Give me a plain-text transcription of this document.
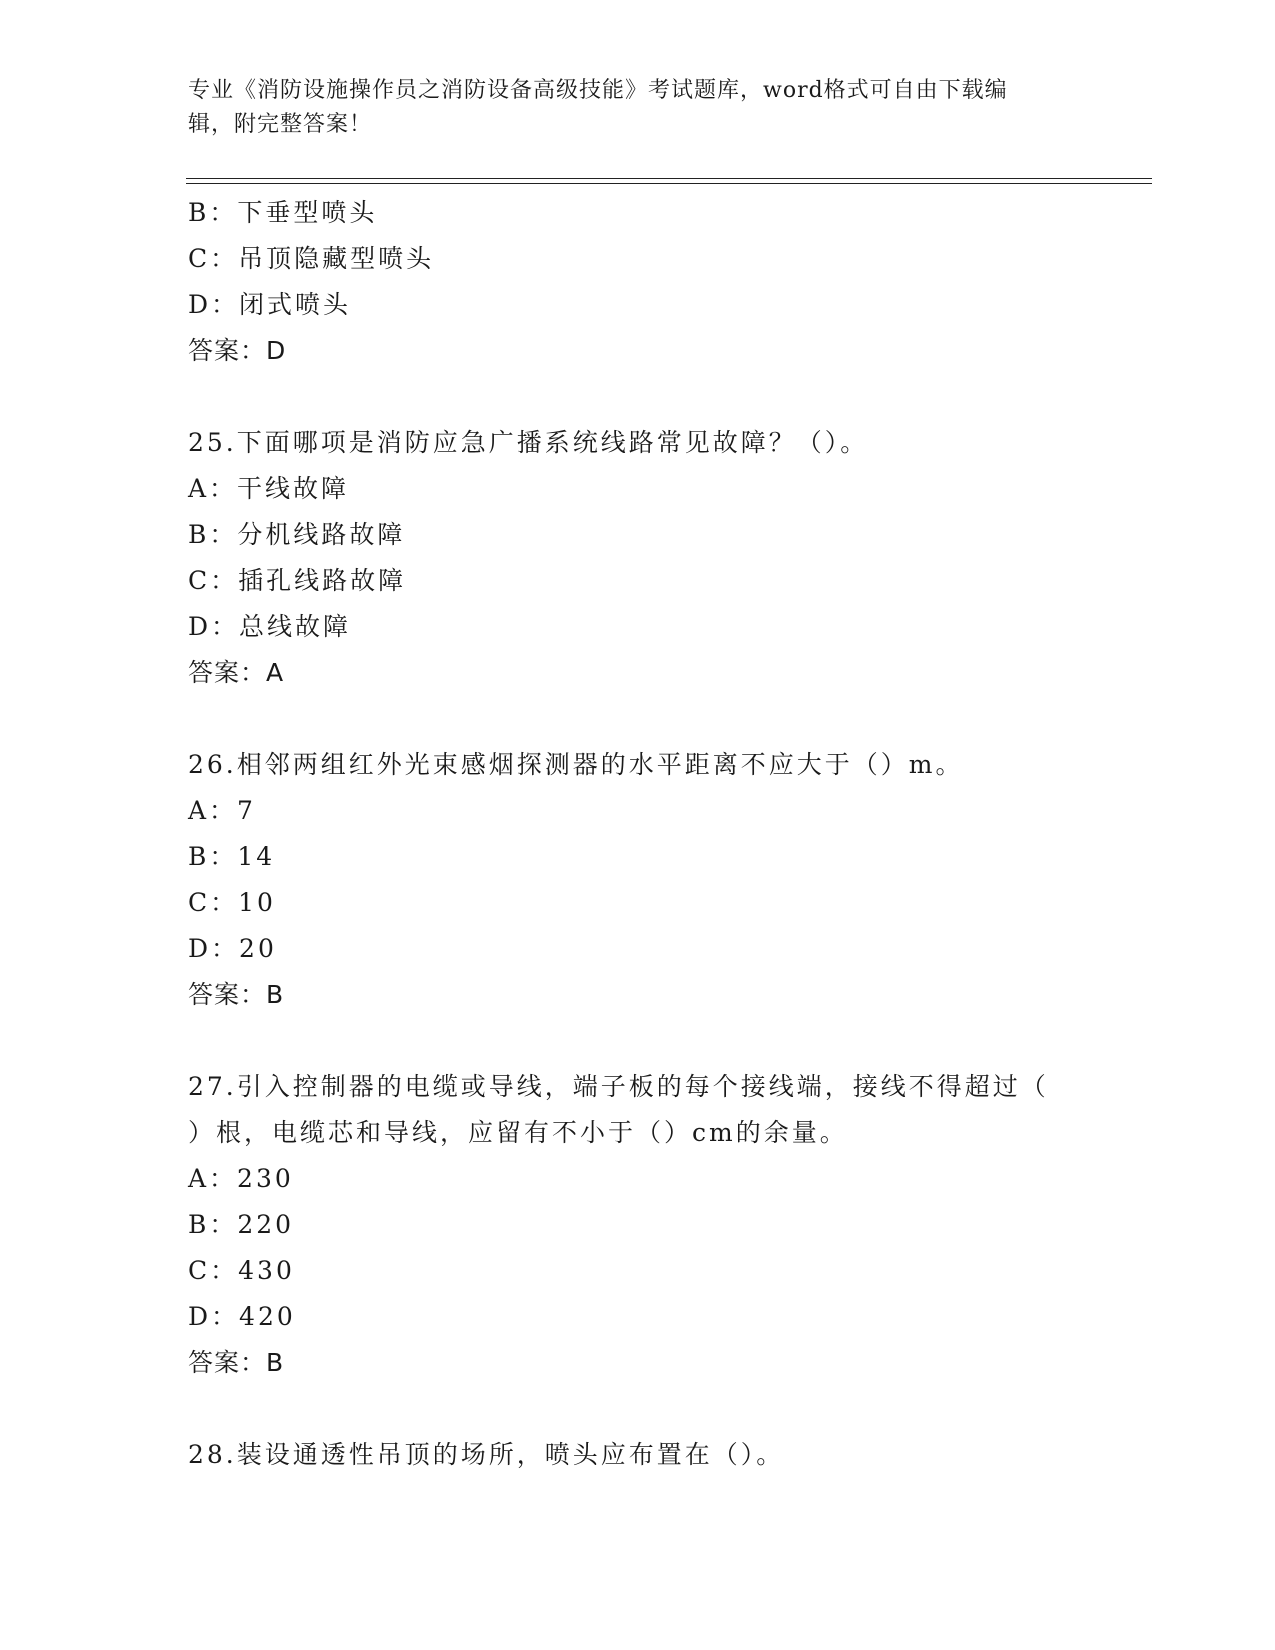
专业《消防设施操作员之消防设备高级技能》考试题库，word格式可自由下载编
辑，附完整答案！
B：下垂型喷头
C：吊顶隐藏型喷头
D：闭式喷头
答案：D
25.下面哪项是消防应急广播系统线路常见故障？（）。
A：干线故障
B：分机线路故障
C：插孔线路故障
D：总线故障
答案：A
26.相邻两组红外光束感烟探测器的水平距离不应大于（）m。
A：7
B：14
C：10
D：20
答案：B
27.引入控制器的电缆或导线，端子板的每个接线端，接线不得超过（
）根，电缆芯和导线，应留有不小于（）cm的余量。
A：230
B：220
C：430
D：420
答案：B
28.装设通透性吊顶的场所，喷头应布置在（）。
